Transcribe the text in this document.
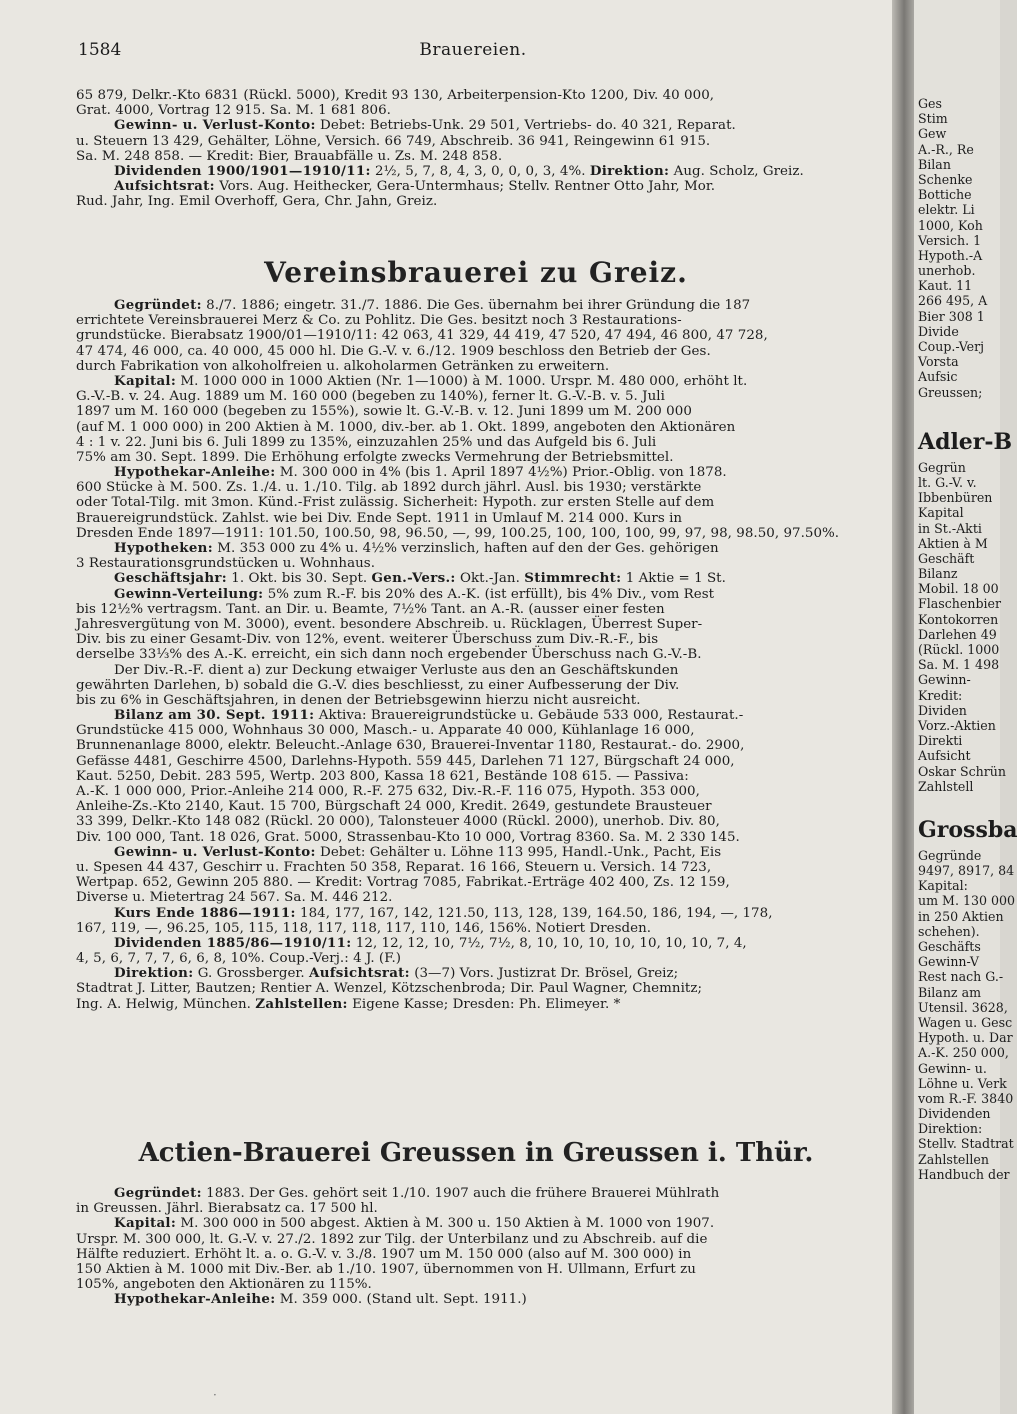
1584	Brauereien.
65 879, Delkr.-Kto 6831 (Rückl. 5000), Kredit 93 130, Arbeiterpension-Kto 1200, Div. 40 000,
Grat. 4000, Vortrag 12 915. Sa. M. 1 681 806.
Gewinn- u. Verlust-Konto: Debet: Betriebs-Unk. 29 501, Vertriebs- do. 40 321, Reparat.
u. Steuern 13 429, Gehälter, Löhne, Versich. 66 749, Abschreib. 36 941, Reingewinn 61 915.
Sa. M. 248 858. — Kredit: Bier, Brauabfälle u. Zs. M. 248 858.
Dividenden 1900/1901—1910/11: 2½, 5, 7, 8, 4, 3, 0, 0, 0, 3, 4%. Direktion: Aug. Scholz, Greiz.
Aufsichtsrat: Vors. Aug. Heithecker, Gera-Untermhaus; Stellv. Rentner Otto Jahr, Mor.
Rud. Jahr, Ing. Emil Overhoff, Gera, Chr. Jahn, Greiz.
Vereinsbrauerei zu Greiz.
Gegründet: 8./7. 1886; eingetr. 31./7. 1886. Die Ges. übernahm bei ihrer Gründung die 187
errichtete Vereinsbrauerei Merz & Co. zu Pohlitz. Die Ges. besitzt noch 3 Restaurations-
grundstücke. Bierabsatz 1900/01—1910/11: 42 063, 41 329, 44 419, 47 520, 47 494, 46 800, 47 728,
47 474, 46 000, ca. 40 000, 45 000 hl. Die G.-V. v. 6./12. 1909 beschloss den Betrieb der Ges.
durch Fabrikation von alkoholfreien u. alkoholarmen Getränken zu erweitern.
Kapital: M. 1000 000 in 1000 Aktien (Nr. 1—1000) à M. 1000. Urspr. M. 480 000, erhöht lt.
G.-V.-B. v. 24. Aug. 1889 um M. 160 000 (begeben zu 140%), ferner lt. G.-V.-B. v. 5. Juli
1897 um M. 160 000 (begeben zu 155%), sowie lt. G.-V.-B. v. 12. Juni 1899 um M. 200 000
(auf M. 1 000 000) in 200 Aktien à M. 1000, div.-ber. ab 1. Okt. 1899, angeboten den Aktionären
4 : 1 v. 22. Juni bis 6. Juli 1899 zu 135%, einzuzahlen 25% und das Aufgeld bis 6. Juli
75% am 30. Sept. 1899. Die Erhöhung erfolgte zwecks Vermehrung der Betriebsmittel.
Hypothekar-Anleihe: M. 300 000 in 4% (bis 1. April 1897 4½%) Prior.-Oblig. von 1878.
600 Stücke à M. 500. Zs. 1./4. u. 1./10. Tilg. ab 1892 durch jährl. Ausl. bis 1930; verstärkte
oder Total-Tilg. mit 3mon. Künd.-Frist zulässig. Sicherheit: Hypoth. zur ersten Stelle auf dem
Brauereigrundstück. Zahlst. wie bei Div. Ende Sept. 1911 in Umlauf M. 214 000. Kurs in
Dresden Ende 1897—1911: 101.50, 100.50, 98, 96.50, —, 99, 100.25, 100, 100, 100, 99, 97, 98, 98.50, 97.50%.
Hypotheken: M. 353 000 zu 4% u. 4½% verzinslich, haften auf den der Ges. gehörigen
3 Restaurationsgrundstücken u. Wohnhaus.
Geschäftsjahr: 1. Okt. bis 30. Sept. Gen.-Vers.: Okt.-Jan. Stimmrecht: 1 Aktie = 1 St.
Gewinn-Verteilung: 5% zum R.-F. bis 20% des A.-K. (ist erfüllt), bis 4% Div., vom Rest
bis 12½% vertragsm. Tant. an Dir. u. Beamte, 7½% Tant. an A.-R. (ausser einer festen
Jahresvergütung von M. 3000), event. besondere Abschreib. u. Rücklagen, Überrest Super-
Div. bis zu einer Gesamt-Div. von 12%, event. weiterer Überschuss zum Div.-R.-F., bis
derselbe 33⅓% des A.-K. erreicht, ein sich dann noch ergebender Überschuss nach G.-V.-B.
Der Div.-R.-F. dient a) zur Deckung etwaiger Verluste aus den an Geschäftskunden
gewährten Darlehen, b) sobald die G.-V. dies beschliesst, zu einer Aufbesserung der Div.
bis zu 6% in Geschäftsjahren, in denen der Betriebsgewinn hierzu nicht ausreicht.
Bilanz am 30. Sept. 1911: Aktiva: Brauereigrundstücke u. Gebäude 533 000, Restaurat.-
Grundstücke 415 000, Wohnhaus 30 000, Masch.- u. Apparate 40 000, Kühlanlage 16 000,
Brunnenanlage 8000, elektr. Beleucht.-Anlage 630, Brauerei-Inventar 1180, Restaurat.- do. 2900,
Gefässe 4481, Geschirre 4500, Darlehns-Hypoth. 559 445, Darlehen 71 127, Bürgschaft 24 000,
Kaut. 5250, Debit. 283 595, Wertp. 203 800, Kassa 18 621, Bestände 108 615. — Passiva:
A.-K. 1 000 000, Prior.-Anleihe 214 000, R.-F. 275 632, Div.-R.-F. 116 075, Hypoth. 353 000,
Anleihe-Zs.-Kto 2140, Kaut. 15 700, Bürgschaft 24 000, Kredit. 2649, gestundete Brausteuer
33 399, Delkr.-Kto 148 082 (Rückl. 20 000), Talonsteuer 4000 (Rückl. 2000), unerhob. Div. 80,
Div. 100 000, Tant. 18 026, Grat. 5000, Strassenbau-Kto 10 000, Vortrag 8360. Sa. M. 2 330 145.
Gewinn- u. Verlust-Konto: Debet: Gehälter u. Löhne 113 995, Handl.-Unk., Pacht, Eis
u. Spesen 44 437, Geschirr u. Frachten 50 358, Reparat. 16 166, Steuern u. Versich. 14 723,
Wertpap. 652, Gewinn 205 880. — Kredit: Vortrag 7085, Fabrikat.-Erträge 402 400, Zs. 12 159,
Diverse u. Mietertrag 24 567. Sa. M. 446 212.
Kurs Ende 1886—1911: 184, 177, 167, 142, 121.50, 113, 128, 139, 164.50, 186, 194, —, 178,
167, 119, —, 96.25, 105, 115, 118, 117, 118, 117, 110, 146, 156%. Notiert Dresden.
Dividenden 1885/86—1910/11: 12, 12, 12, 10, 7½, 7½, 8, 10, 10, 10, 10, 10, 10, 10, 7, 4,
4, 5, 6, 7, 7, 7, 6, 6, 8, 10%. Coup.-Verj.: 4 J. (F.)
Direktion: G. Grossberger. Aufsichtsrat: (3—7) Vors. Justizrat Dr. Brösel, Greiz;
Stadtrat J. Litter, Bautzen; Rentier A. Wenzel, Kötzschenbroda; Dir. Paul Wagner, Chemnitz;
Ing. A. Helwig, München. Zahlstellen: Eigene Kasse; Dresden: Ph. Elimeyer. *
Actien-Brauerei Greussen in Greussen i. Thür.
Gegründet: 1883. Der Ges. gehört seit 1./10. 1907 auch die frühere Brauerei Mühlrath
in Greussen. Jährl. Bierabsatz ca. 17 500 hl.
Kapital: M. 300 000 in 500 abgest. Aktien à M. 300 u. 150 Aktien à M. 1000 von 1907.
Urspr. M. 300 000, lt. G.-V. v. 27./2. 1892 zur Tilg. der Unterbilanz und zu Abschreib. auf die
Hälfte reduziert. Erhöht lt. a. o. G.-V. v. 3./8. 1907 um M. 150 000 (also auf M. 300 000) in
150 Aktien à M. 1000 mit Div.-Ber. ab 1./10. 1907, übernommen von H. Ullmann, Erfurt zu
105%, angeboten den Aktionären zu 115%.
Hypothekar-Anleihe: M. 359 000. (Stand ult. Sept. 1911.)
·
Ges
Stim
Gew
A.-R., Re
Bilan
Schenke
Bottiche
elektr. Li
1000, Koh
Versich. 1
Hypoth.-A
unerhob.
Kaut. 11
266 495, A
Bier 308 1
Divide
Coup.-Verj
Vorsta
Aufsic
Greussen;
Adler-B
Gegrün
lt. G.-V. v.
Ibbenbüren
Kapital
in St.-Akti
Aktien à M
Geschäft
Bilanz
Mobil. 18 00
Flaschenbier
Kontokorren
Darlehen 49
(Rückl. 1000
Sa. M. 1 498
Gewinn-
Kredit:
Dividen
Vorz.-Aktien
Direkti
Aufsicht
Oskar Schrün
Zahlstell
Grossba
Gegründe
9497, 8917, 84
Kapital:
um M. 130 000
in 250 Aktien
schehen).
Geschäfts
Gewinn-V
Rest nach G.-
Bilanz am
Utensil. 3628,
Wagen u. Gesc
Hypoth. u. Dar
A.-K. 250 000,
Gewinn- u.
Löhne u. Verk
vom R.-F. 3840
Dividenden
Direktion:
Stellv. Stadtrat
Zahlstellen
Handbuch der
